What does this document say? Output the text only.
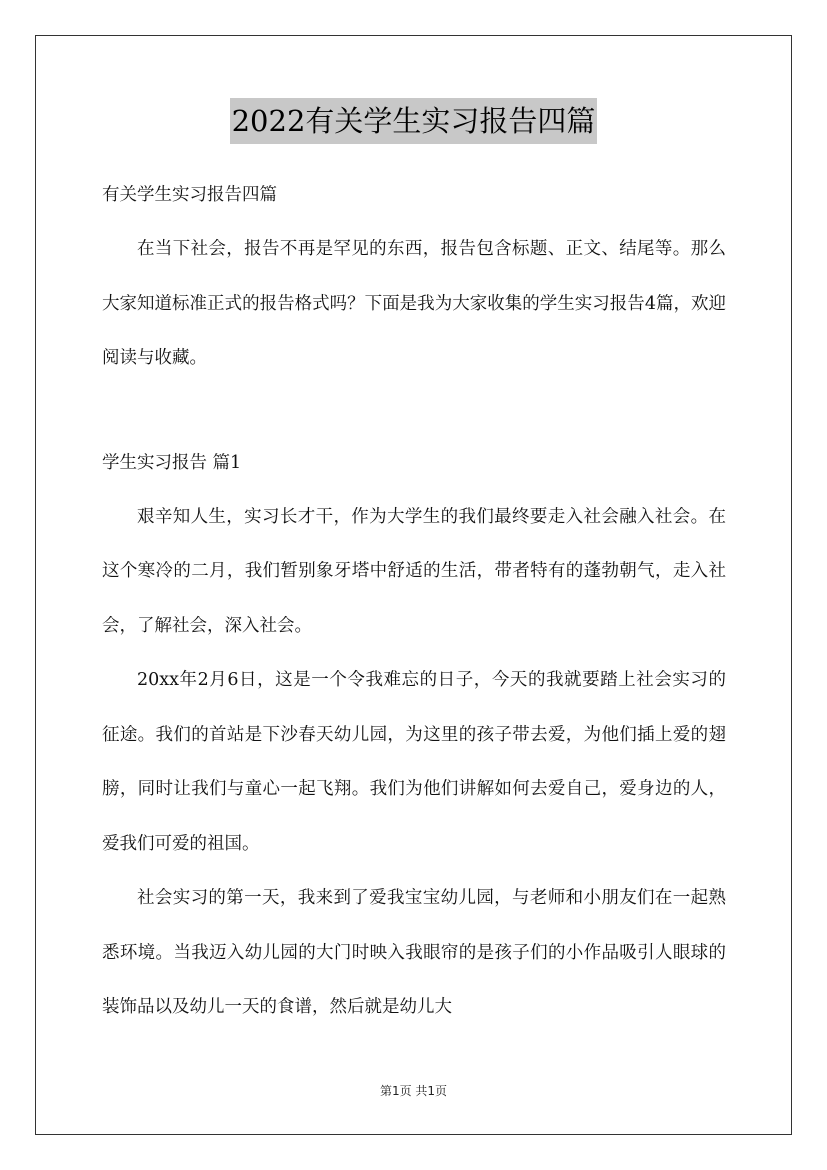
2022有关学生实习报告四篇

有关学生实习报告四篇

在当下社会，报告不再是罕见的东西，报告包含标题、正文、结尾等。那么大家知道标准正式的报告格式吗？下面是我为大家收集的学生实习报告4篇，欢迎阅读与收藏。

学生实习报告 篇1

艰辛知人生，实习长才干，作为大学生的我们最终要走入社会融入社会。在这个寒冷的二月，我们暂别象牙塔中舒适的生活，带者特有的蓬勃朝气，走入社会，了解社会，深入社会。

20xx年2月6日，这是一个令我难忘的日子，今天的我就要踏上社会实习的征途。我们的首站是下沙春天幼儿园，为这里的孩子带去爱，为他们插上爱的翅膀，同时让我们与童心一起飞翔。我们为他们讲解如何去爱自己，爱身边的人，爱我们可爱的祖国。

社会实习的第一天，我来到了爱我宝宝幼儿园，与老师和小朋友们在一起熟悉环境。当我迈入幼儿园的大门时映入我眼帘的是孩子们的小作品吸引人眼球的装饰品以及幼儿一天的食谱，然后就是幼儿大

第1页 共1页
